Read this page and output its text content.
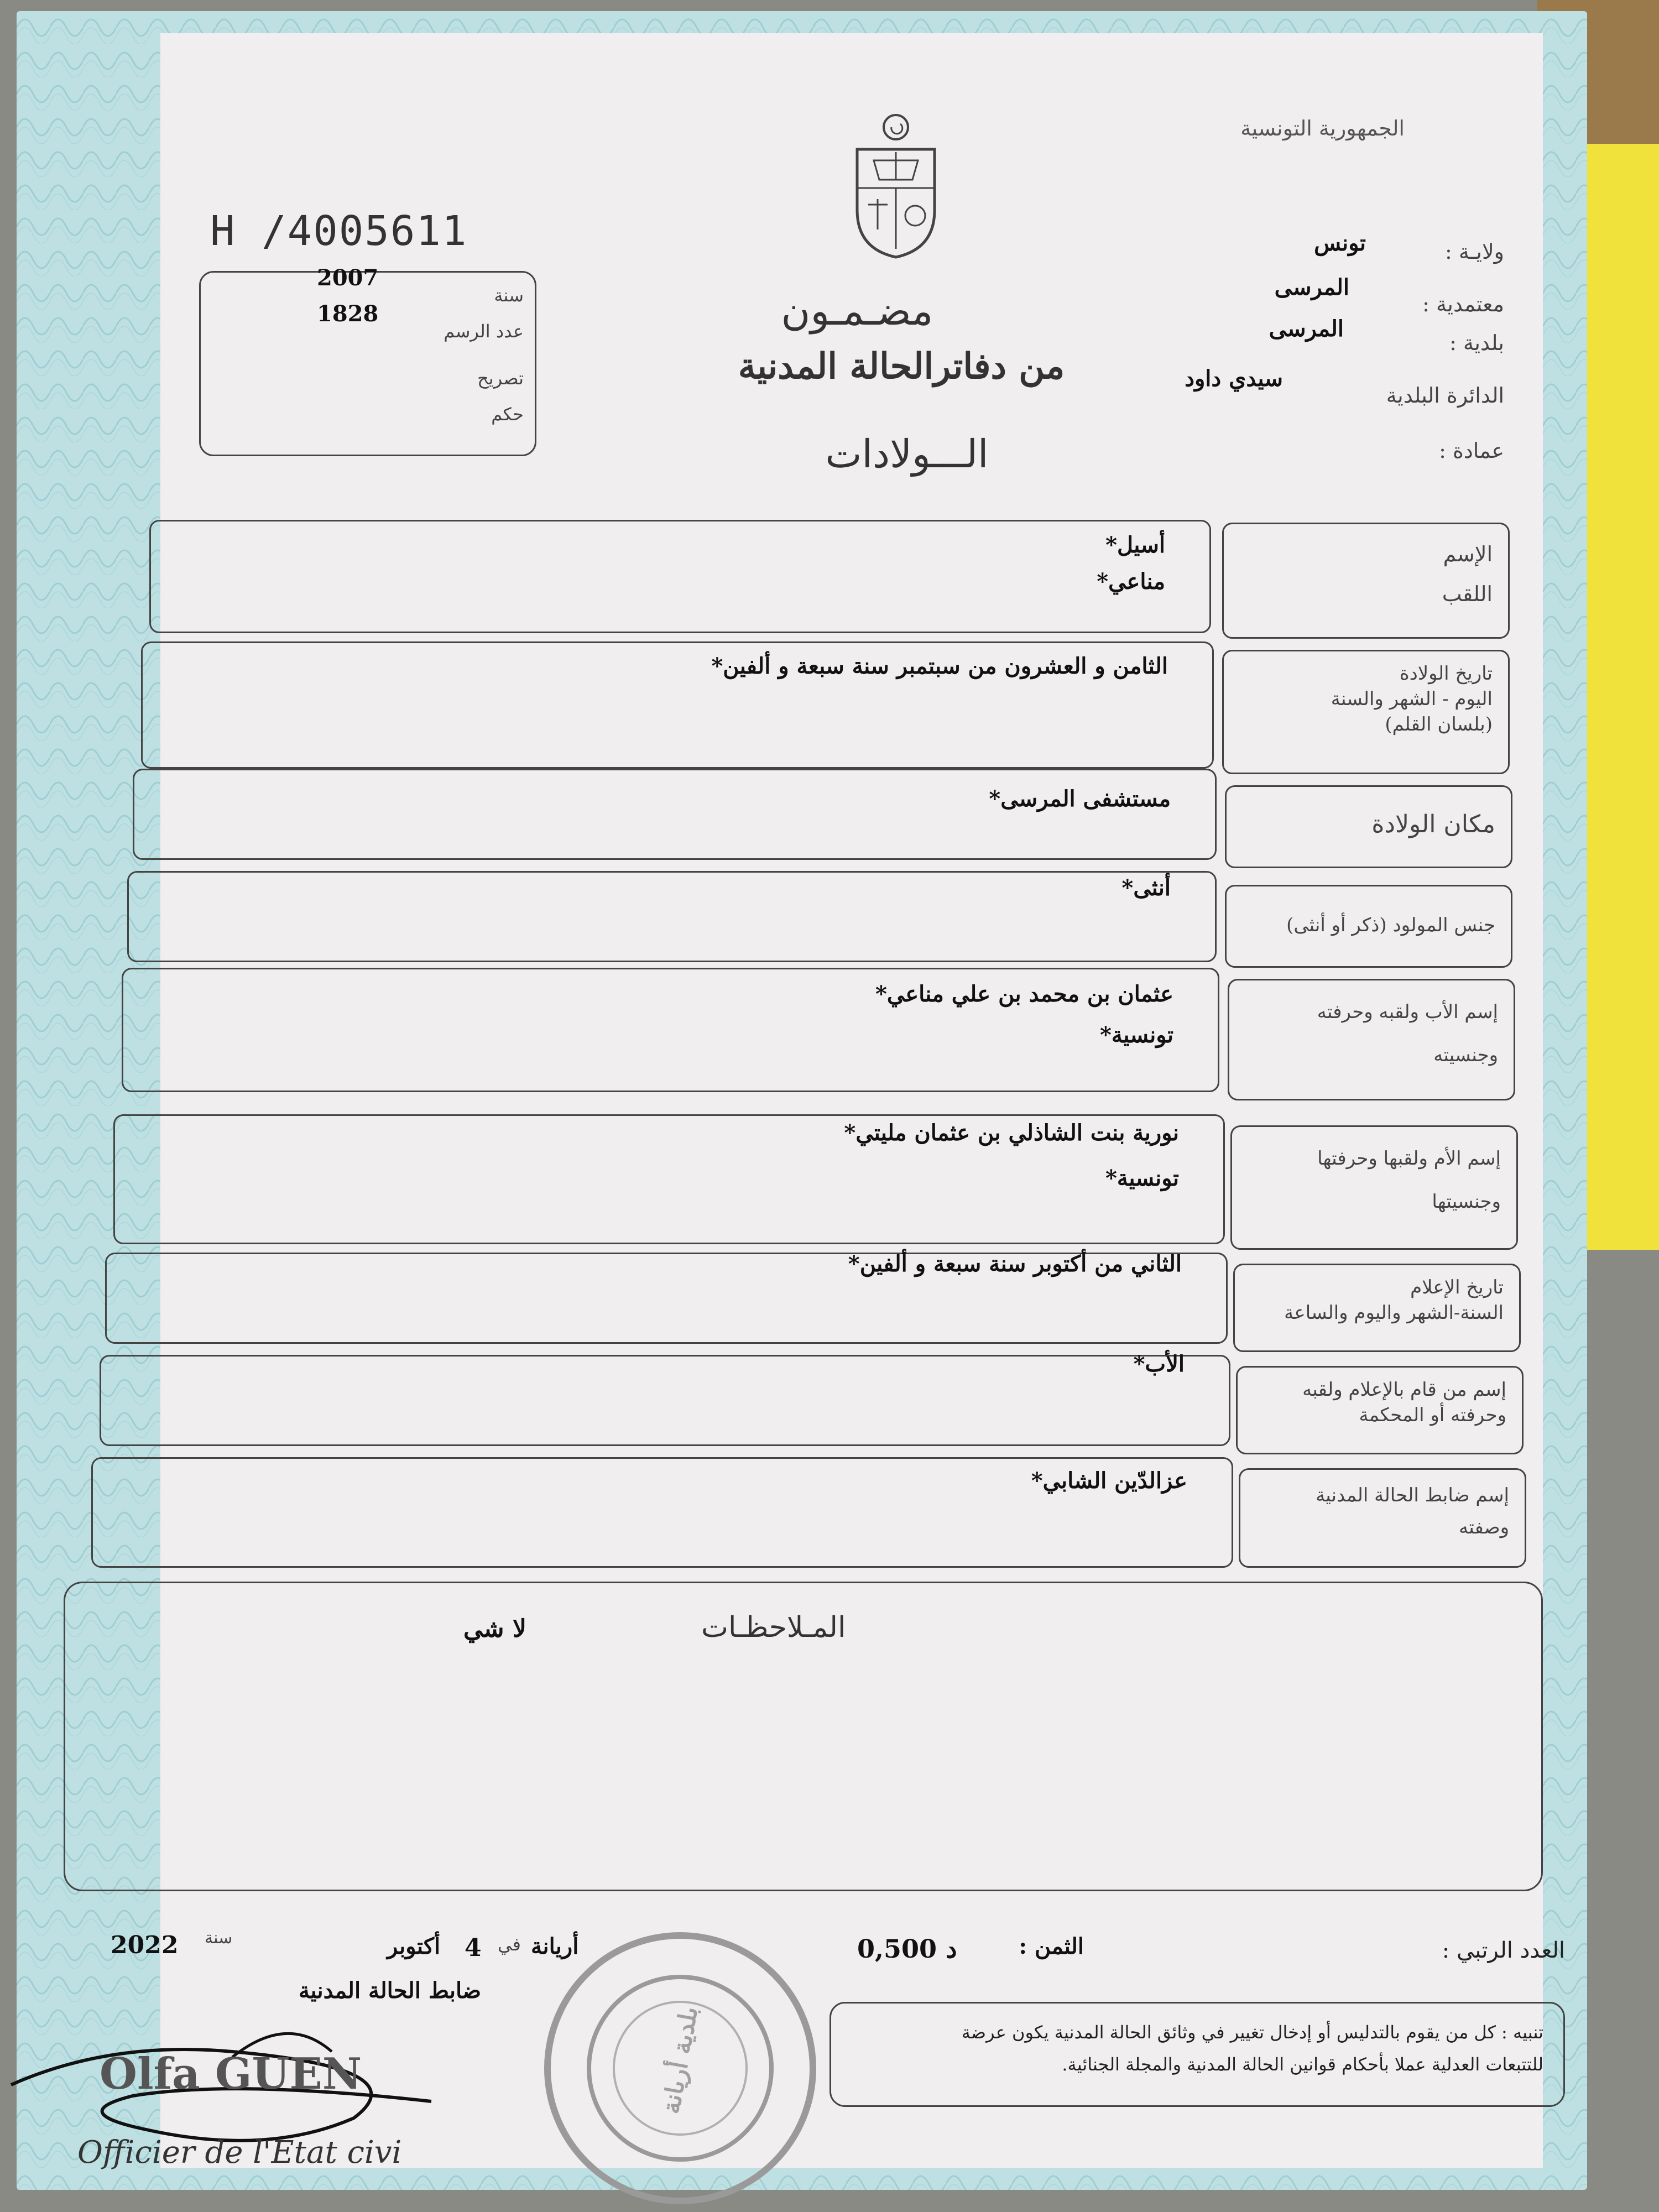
الجمهورية التونسية
H /4005611	ولايـة :
تونس
معتمدية :
المرسى
بلدية :
المرسى
الدائرة البلدية
سيدي داود
عمادة :
2007
سنة
1828
عدد الرسم
تصريح
حكم
مضـمـون
من دفاترالحالة المدنية
الـــولادات
الإسم
اللقب
أسيل*
مناعي*
تاريخ الولادة
اليوم - الشهر والسنة
(بلسان القلم)
الثامن و العشرون من سبتمبر سنة سبعة و ألفين*
مكان الولادة
مستشفى المرسى*
جنس المولود (ذكر أو أنثى)
أنثى*
إسم الأب ولقبه وحرفته
وجنسيته
عثمان بن محمد بن علي مناعي*
تونسية*
إسم الأم ولقبها وحرفتها
وجنسيتها
نورية بنت الشاذلي بن عثمان مليتي*
تونسية*
تاريخ الإعلام
السنة-الشهر واليوم والساعة
الثاني من أكتوبر سنة سبعة و ألفين*
إسم من قام بالإعلام ولقبه
وحرفته أو المحكمة
الأب*
إسم ضابط الحالة المدنية
وصفته
عزالدّين الشابي*
المـلاحظـات
لا شي
العدد الرتبي :
الثمن :
0,500 د
أريانة
في
4
أكتوبر
سنة
2022
ضابط الحالة المدنية
تنبيه : كل من يقوم بالتدليس أو إدخال تغيير في وثائق الحالة المدنية يكون عرضة
للتتبعات العدلية عملا بأحكام قوانين الحالة المدنية والمجلة الجنائية.
بلدية أريانة
Olfa GUEN
Officier de l'Etat civi
